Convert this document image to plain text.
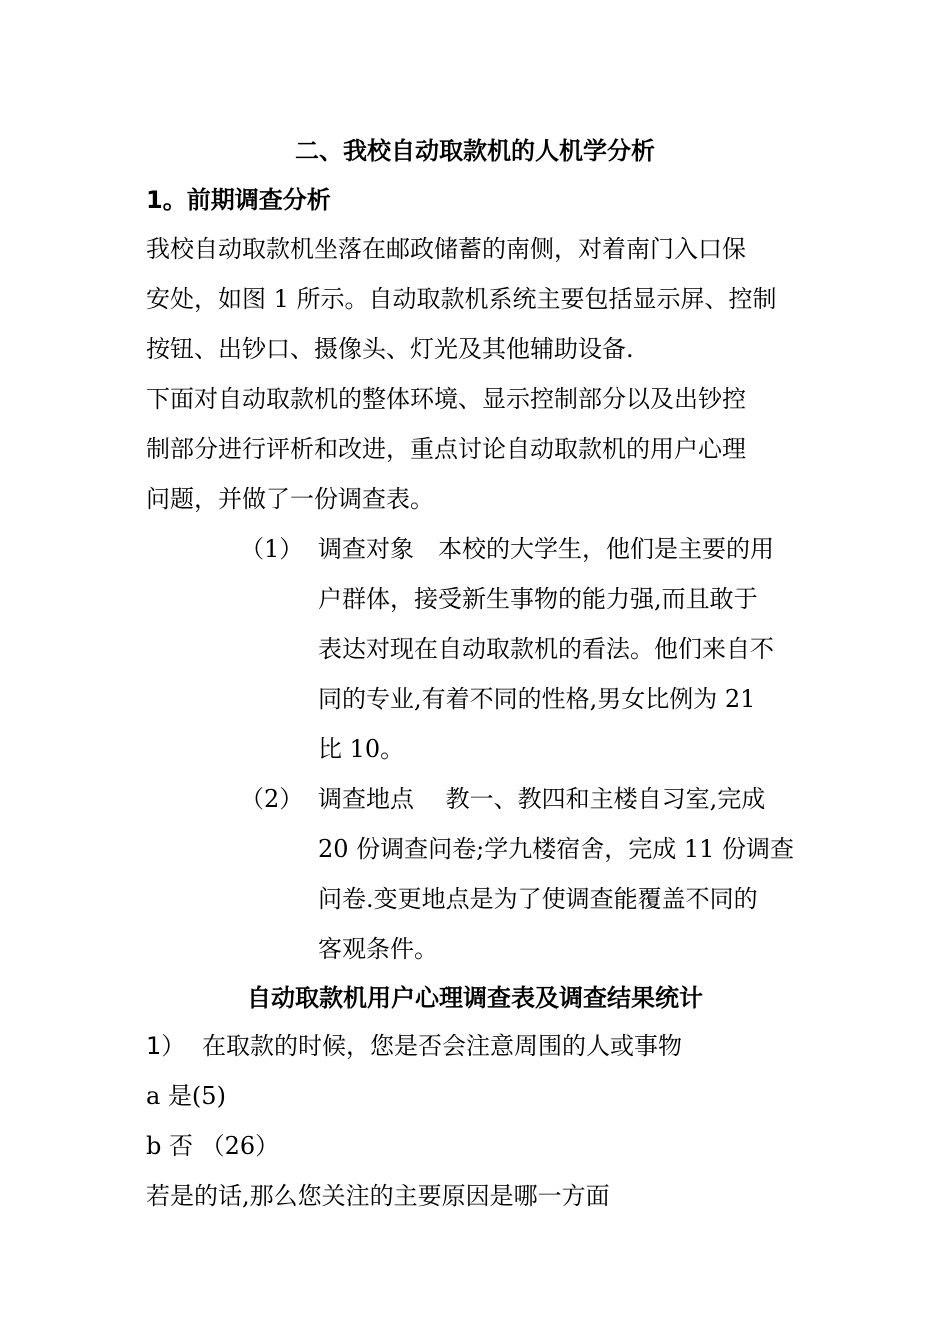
二、我校自动取款机的人机学分析
1。前期调查分析
我校自动取款机坐落在邮政储蓄的南侧，对着南门入口保
安处，如图 1 所示。自动取款机系统主要包括显示屏、控制
按钮、出钞口、摄像头、灯光及其他辅助设备.
下面对自动取款机的整体环境、显示控制部分以及出钞控
制部分进行评析和改进，重点讨论自动取款机的用户心理
问题，并做了一份调查表。
（1） 调查对象　本校的大学生，他们是主要的用
户群体，接受新生事物的能力强,而且敢于
表达对现在自动取款机的看法。他们来自不
同的专业,有着不同的性格,男女比例为 21
比 10。
（2） 调查地点　 教一、教四和主楼自习室,完成
20 份调查问卷;学九楼宿舍，完成 11 份调查
问卷.变更地点是为了使调查能覆盖不同的
客观条件。
自动取款机用户心理调查表及调查结果统计
1） 在取款的时候，您是否会注意周围的人或事物
a 是(5)
b 否 （26）
若是的话,那么您关注的主要原因是哪一方面
